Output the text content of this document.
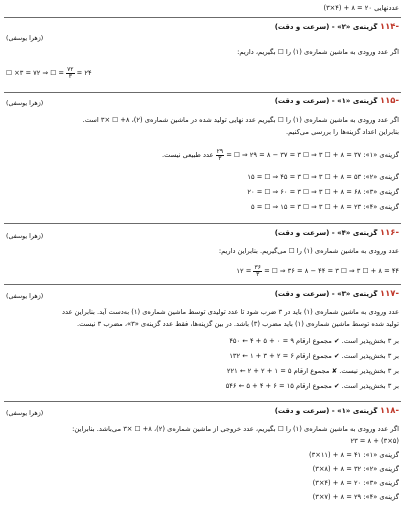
عددنهایی ۲۰ = ۸ + (۴×۳)
-۱۱۴ گزینه‌ی «۲» - (سرعت و دقت)
(زهرا یوسفی)
اگر عدد ورودی به ماشین شماره‌ی (۱) را ☐ بگیریم، داریم:
☐ ×۳ = ۷۲ ⇒ ☐ = $\frac{۷۲}{۳}$ = ۲۴
-۱۱۵ گزینه‌ی «۱» - (سرعت و دقت)
(زهرا یوسفی)
اگر عدد ورودی به ماشین شماره‌ی (۱) را ☐ بگیریم عدد نهایی تولید شده در ماشین شماره‌ی (۲)، ۸+ ☐ ×۳ است.
بنابراین اعداد گزینه‌ها را بررسی می‌کنیم.
گزینه‌ی «۱»: ۳۷ = ۸ + ☐ ۳ ⇒ ☐ ۳ = ۳۷ − ۸ = ۲۹ ⇒ ☐ =
$\frac{۲۹}{۳}$
عدد طبیعی نیست.
گزینه‌ی «۲»: ۵۳ = ۸ + ☐ ۳ ⇒ ☐ ۳ = ۴۵ ⇒ ☐ = ۱۵
گزینه‌ی «۳»: ۶۸ = ۸ + ☐ ۳ ⇒ ☐ ۳ = ۶۰ ⇒ ☐ = ۲۰
گزینه‌ی «۴»: ۲۳ = ۸ + ☐ ۳ ⇒ ☐ ۳ = ۱۵ ⇒ ☐ = ۵
-۱۱۶ گزینه‌ی «۴» - (سرعت و دقت)
(زهرا یوسفی)
عدد ورودی به ماشین شماره‌ی (۱) را ☐ می‌گیریم. بنابراین داریم:
۴۴ = ۸ + ☐ ۳ ⇒ ☐ ۳ = ۴۴ − ۸ = ۳۶ ⇒ ☐ =
$\frac{۳۶}{۳}$
= ۱۲
-۱۱۷ گزینه‌ی «۳» - (سرعت و دقت)
(زهرا یوسفی)
عدد ورودی به ماشین شماره‌ی (۱) باید در ۳ ضرب شود تا عدد تولیدی توسط ماشین شماره‌ی (۱) به‌دست آید. بنابراین عدد
تولید شده توسط ماشین شماره‌ی (۱) باید مضرب (۳) باشد. در بین گزینه‌ها، فقط عدد گزینه‌ی «۳»، مضرب ۳ نیست.
بر ۳ بخش‌پذیر است. ✔ مجموع ارقام ۹ = ۰ + ۵ + ۴ ← ۴۵۰
بر ۳ بخش‌پذیر است. ✔ مجموع ارقام ۶ = ۲ + ۳ + ۱ ← ۱۳۲
بر ۳ بخش‌پذیر نیست. ✘ مجموع ارقام ۵ = ۱ + ۲ + ۲ ← ۲۲۱
بر ۳ بخش‌پذیر است. ✔ مجموع ارقام ۱۵ = ۶ + ۴ + ۵ ← ۵۴۶
-۱۱۸ گزینه‌ی «۱» - (سرعت و دقت)
(زهرا یوسفی)
اگر عدد ورودی به ماشین شماره‌ی (۱) را ☐ بگیریم، عدد خروجی از ماشین شماره‌ی (۲)، ۸+ ☐ ×۳ می‌باشد. بنابراین:
(۵×۳) + ۸ = ۲۳
گزینه‌ی «۱»: ۴۱ = ۸ + (۱۱×۳)
گزینه‌ی «۲»: ۳۲ = ۸ + (۸×۳)
گزینه‌ی «۳»: ۲۰ = ۸ + (۴×۳)
گزینه‌ی «۴»: ۲۹ = ۸ + (۷×۳)
